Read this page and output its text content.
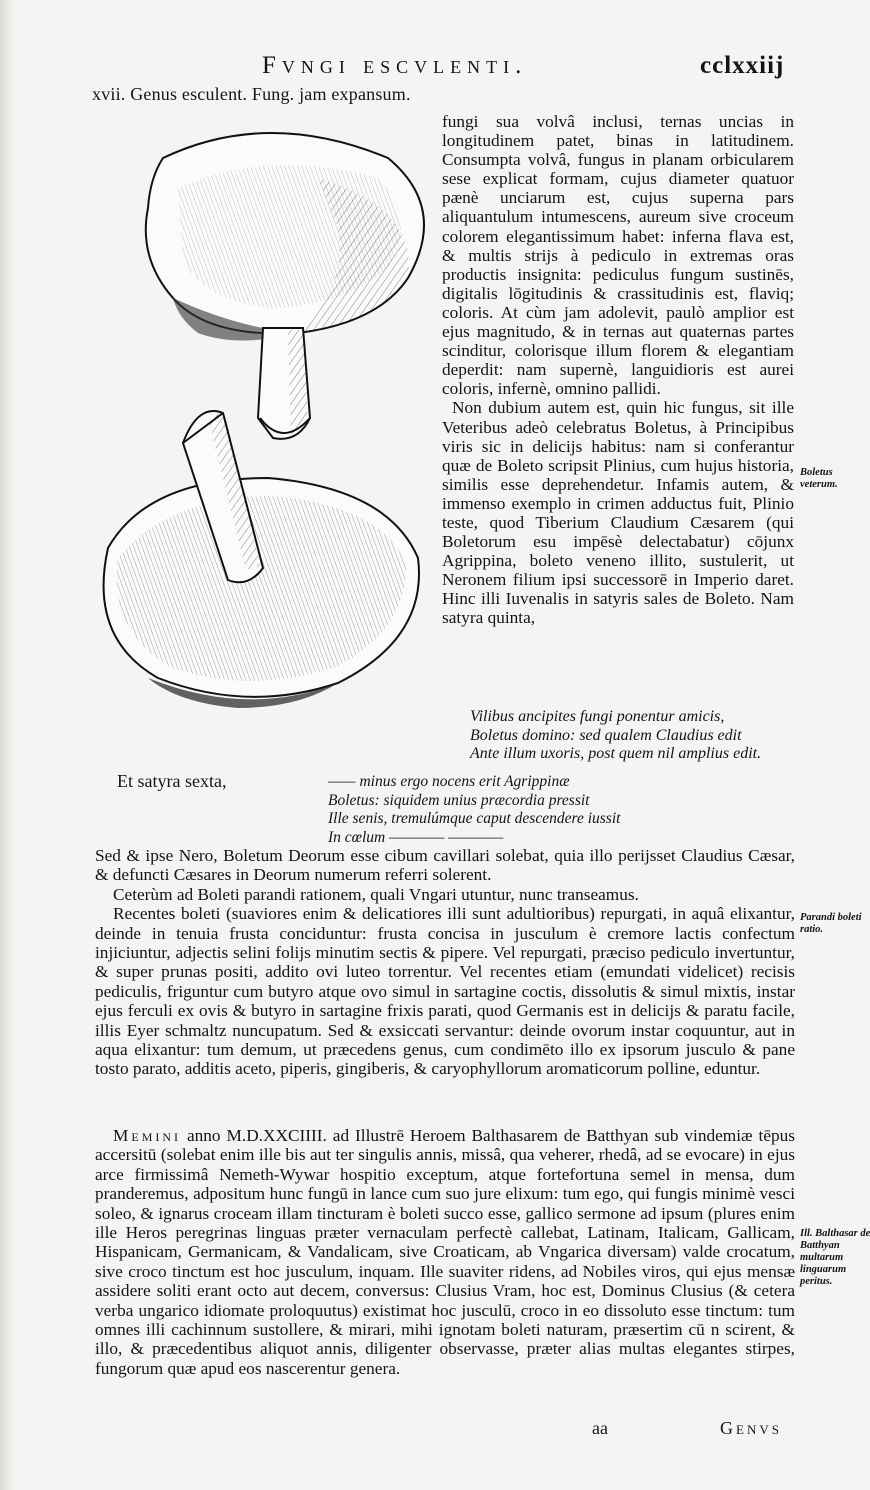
Fvngi escvlenti.	cclxxiij
xvii. Genus esculent. Fung. jam expansum.

fungi sua volvâ inclusi, ternas uncias in longitudinem patet, binas in latitudinem. Consumpta volvâ, fungus in planam orbicularem sese explicat formam, cujus diameter quatuor pænè unciarum est, cujus superna pars aliquantulum intumescens, aureum sive croceum colorem elegantissimum habet: inferna flava est, & multis strijs à pediculo in extremas oras productis insignita: pediculus fungum sustinēs, digitalis lōgitudinis & crassitudinis est, flaviq; coloris. At cùm jam adolevit, paulò amplior est ejus magnitudo, & in ternas aut quaternas partes scinditur, colorisque illum florem & elegantiam deperdit: nam supernè, languidioris est aurei coloris, infernè, omnino pallidi.

Non dubium autem est, quin hic fungus, sit ille Veteribus adeò celebratus Boletus, à Principibus viris sic in delicijs habitus: nam si conferantur quæ de Boleto scripsit Plinius, cum hujus historia, similis esse deprehendetur. Infamis autem, & immenso exemplo in crimen adductus fuit, Plinio teste, quod Tiberium Claudium Cæsarem (qui Boletorum esu impēsè delectabatur) cōjunx Agrippina, boleto veneno illito, sustulerit, ut Neronem filium ipsi successorē in Imperio daret. Hinc illi Iuvenalis in satyris sales de Boleto. Nam satyra quinta,

Boletus veterum.
Vilibus ancipites fungi ponentur amicis,
Boletus domino: sed qualem Claudius edit
Ante illum uxoris, post quem nil amplius edit.
Et satyra sexta,	—— minus ergo nocens erit Agrippinæ
Boletus: siquidem unius præcordia pressit
Ille senis, tremulúmque caput descendere iussit
In cœlum ———— ————

Sed & ipse Nero, Boletum Deorum esse cibum cavillari solebat, quia illo perijsset Claudius Cæsar, & defuncti Cæsares in Deorum numerum referri solerent.

Ceterùm ad Boleti parandi rationem, quali Vngari utuntur, nunc transeamus.

Recentes boleti (suaviores enim & delicatiores illi sunt adultioribus) repurgati, in aquâ elixantur, deinde in tenuia frusta conciduntur: frusta concisa in jusculum è cremore lactis confectum injiciuntur, adjectis selini folijs minutim sectis & pipere. Vel repurgati, præciso pediculo invertuntur, & super prunas positi, addito ovi luteo torrentur. Vel recentes etiam (emundati videlicet) recisis pediculis, friguntur cum butyro atque ovo simul in sartagine coctis, dissolutis & simul mixtis, instar ejus ferculi ex ovis & butyro in sartagine frixis parati, quod Germanis est in delicijs & paratu facile, illis Eyer schmaltz nuncupatum. Sed & exsiccati servantur: deinde ovorum instar coquuntur, aut in aqua elixantur: tum demum, ut præcedens genus, cum condimēto illo ex ipsorum jusculo & pane tosto parato, additis aceto, piperis, gingiberis, & caryophyllorum aromaticorum polline, eduntur.

Parandi boleti ratio.

Memini anno M.D.XXCIIII. ad Illustrē Heroem Balthasarem de Batthyan sub vindemiæ tēpus accersitū (solebat enim ille bis aut ter singulis annis, missâ, qua veherer, rhedâ, ad se evocare) in ejus arce firmissimâ Nemeth-Wywar hospitio exceptum, atque fortefortuna semel in mensa, dum pranderemus, adpositum hunc fungū in lance cum suo jure elixum: tum ego, qui fungis minimè vesci soleo, & ignarus croceam illam tincturam è boleti succo esse, gallico sermone ad ipsum (plures enim ille Heros peregrinas linguas præter vernaculam perfectè callebat, Latinam, Italicam, Gallicam, Hispanicam, Germanicam, & Vandalicam, sive Croaticam, ab Vngarica diversam) valde crocatum, sive croco tinctum est hoc jusculum, inquam. Ille suaviter ridens, ad Nobiles viros, qui ejus mensæ assidere soliti erant octo aut decem, conversus: Clusius Vram, hoc est, Dominus Clusius (& cetera verba ungarico idiomate proloquutus) existimat hoc jusculū, croco in eo dissoluto esse tinctum: tum omnes illi cachinnum sustollere, & mirari, mihi ignotam boleti naturam, præsertim cū n scirent, & illo, & præcedentibus aliquot annis, diligenter observasse, præter alias multas elegantes stirpes, fungorum quæ apud eos nascerentur genera.

Ill. Balthasar de Batthyan multarum linguarum peritus.
aa	Genvs
